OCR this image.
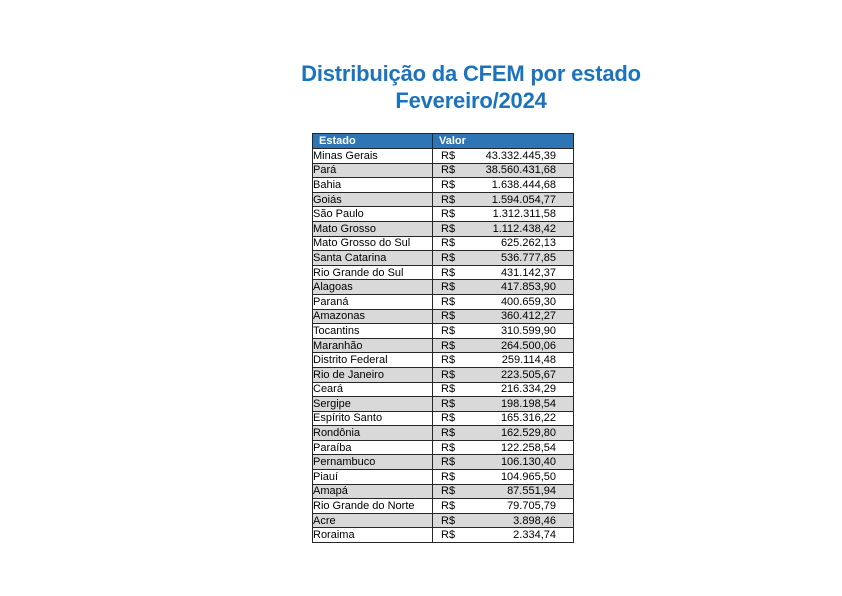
Distribuição da CFEM por estado
Fevereiro/2024
Estado	Valor
Minas Gerais	R$ 43.332.445,39

Pará	R$ 38.560.431,68

Bahia	R$ 1.638.444,68

Goiás	R$ 1.594.054,77

São Paulo	R$ 1.312.311,58

Mato Grosso	R$ 1.112.438,42

Mato Grosso do Sul	R$ 625.262,13

Santa Catarina	R$ 536.777,85

Rio Grande do Sul	R$ 431.142,37

Alagoas	R$ 417.853,90

Paraná	R$ 400.659,30

Amazonas	R$ 360.412,27

Tocantins	R$ 310.599,90

Maranhão	R$ 264.500,06

Distrito Federal	R$ 259.114,48

Rio de Janeiro	R$ 223.505,67

Ceará	R$ 216.334,29

Sergipe	R$ 198.198,54

Espírito Santo	R$ 165.316,22

Rondônia	R$ 162.529,80

Paraíba	R$ 122.258,54

Pernambuco	R$ 106.130,40

Piauí	R$ 104.965,50

Amapá	R$ 87.551,94

Rio Grande do Norte	R$ 79.705,79

Acre	R$ 3.898,46

Roraima	R$ 2.334,74
